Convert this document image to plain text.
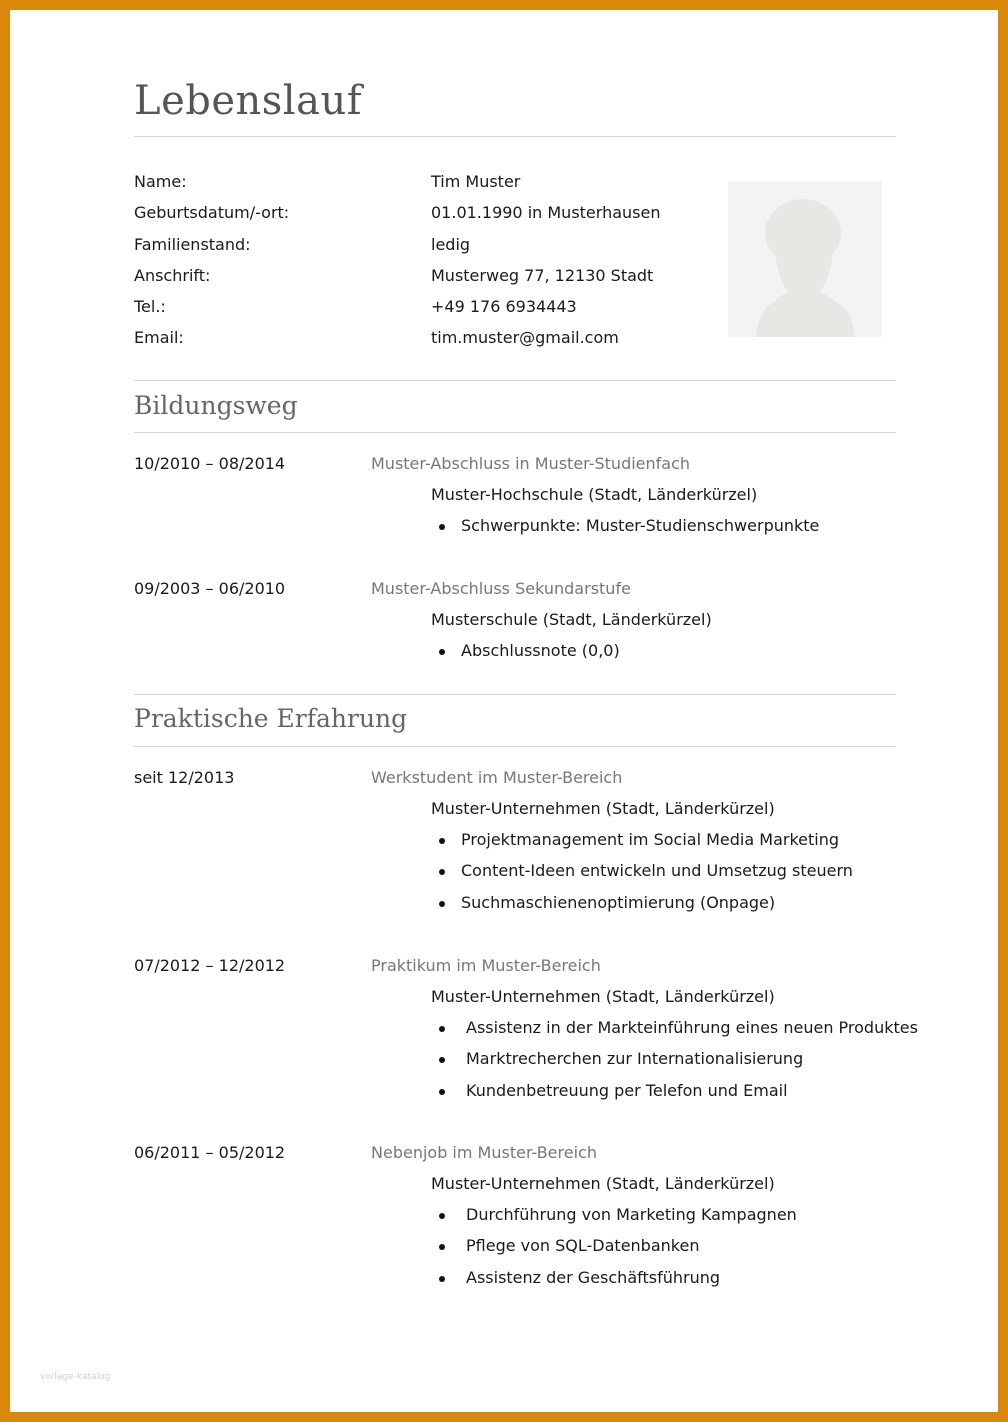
Lebenslauf
Name:	Tim Muster
Geburtsdatum/-ort:	01.01.1990 in Musterhausen
Familienstand:	ledig
Anschrift:	Musterweg 77, 12130 Stadt
Tel.:	+49 176 6934443
Email:	tim.muster@gmail.com
Bildungsweg
10/2010 – 08/2014	Muster-Abschluss in Muster-Studienfach
Muster-Hochschule (Stadt, Länderkürzel)
Schwerpunkte: Muster-Studienschwerpunkte
09/2003 – 06/2010	Muster-Abschluss Sekundarstufe
Musterschule (Stadt, Länderkürzel)
Abschlussnote (0,0)
Praktische Erfahrung
seit 12/2013	Werkstudent im Muster-Bereich
Muster-Unternehmen (Stadt, Länderkürzel)
Projektmanagement im Social Media Marketing
Content-Ideen entwickeln und Umsetzug steuern
Suchmaschienenoptimierung (Onpage)
07/2012 – 12/2012	Praktikum im Muster-Bereich
Muster-Unternehmen (Stadt, Länderkürzel)
Assistenz in der Markteinführung eines neuen Produktes
Marktrecherchen zur Internationalisierung
Kundenbetreuung per Telefon und Email
06/2011 – 05/2012	Nebenjob im Muster-Bereich
Muster-Unternehmen (Stadt, Länderkürzel)
Durchführung von Marketing Kampagnen
Pflege von SQL-Datenbanken
Assistenz der Geschäftsführung
vorlage-katalog
